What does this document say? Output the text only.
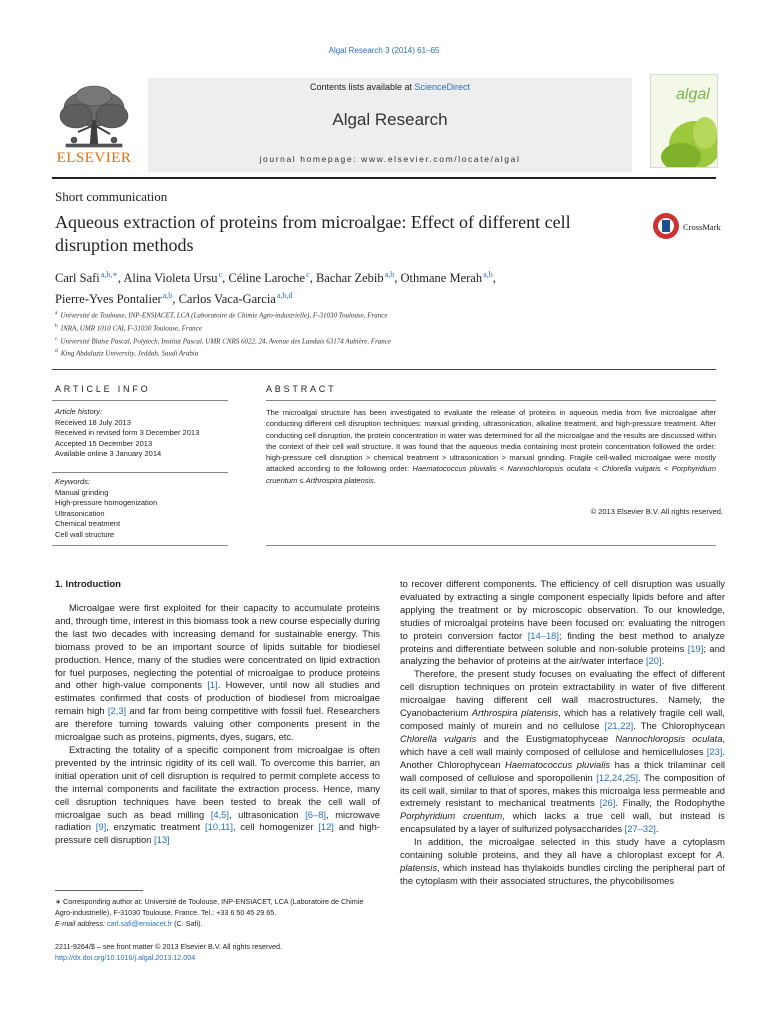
Algal Research 3 (2014) 61–65
Contents lists available at ScienceDirect
Algal Research
journal homepage: www.elsevier.com/locate/algal
ELSEVIER
algal
Short communication
Aqueous extraction of proteins from microalgae: Effect of different cell disruption methods
CrossMark
Carl Safi $^{a,b,∗}$, Alina Violeta Ursu $^c$, Céline Laroche $^c$, Bachar Zebib $^{a,b}$, Othmane Merah $^{a,b}$,
Pierre-Yves Pontalier $^{a,b}$, Carlos Vaca-Garcia $^{a,b,d}$
$^a$ Université de Toulouse, INP-ENSIACET, LCA (Laboratoire de Chimie Agro-industrielle), F-31030 Toulouse, France
$^b$ INRA, UMR 1010 CAI, F-31030 Toulouse, France
$^c$ Université Blaise Pascal, Polytech, Institut Pascal, UMR CNRS 6022, 24, Avenue des Landais 63174 Aubière, France
$^d$ King Abdulaziz University, Jeddah, Saudi Arabia
ARTICLE INFO
Article history:
Received 18 July 2013
Received in revised form 3 December 2013
Accepted 15 December 2013
Available online 3 January 2014
Keywords:
Manual grinding
High-pressure homogenization
Ultrasonication
Chemical treatment
Cell wall structure
ABSTRACT
The microalgal structure has been investigated to evaluate the release of proteins in aqueous media from five microalgae after conducting different cell disruption techniques: manual grinding, ultrasonication, alkaline treatment, and high-pressure treatment. After conducting cell disruption, the protein concentration in water was determined for all the microalgae and the results are discussed within the context of their cell wall structure. It was found that the aqueous media containing most protein concentration followed the order: high-pressure cell disruption > chemical treatment > ultrasonication > manual grinding. Fragile cell-walled microalgae were mostly attacked according to the following order: Haematococcus pluvialis < Nannochloropsis oculata < Chlorella vulgaris < Porphyridium cruentum ≤ Arthrospira platensis.
© 2013 Elsevier B.V. All rights reserved.
1. Introduction

Microalgae were first exploited for their capacity to accumulate proteins and, through time, interest in this biomass took a new course especially during the last two decades with increasing demand for sustainable energy. This biomass proved to be an important source of lipids suitable for biodiesel production. Hence, many of the studies were concentrated on lipid extraction for fuel purposes, neglecting the potential of microalgae to produce proteins and other high-value components [1]. However, until now all studies and estimates confirmed that costs of production of biodiesel from microalgae remain high [2,3] and far from being competitive with fossil fuel. Researchers are therefore turning towards valuing other components present in the microalgae such as proteins, pigments, dyes, sugars, etc.

Extracting the totality of a specific component from microalgae is often prevented by the intrinsic rigidity of its cell wall. To overcome this barrier, an initial operation unit of cell disruption is required to permit complete access to the internal components and facilitate the extraction process. Hence, many cell disruption techniques have been tested to break the cell wall of microalgae such as bead milling [4,5], ultrasonication [6–8], microwave radiation [9], enzymatic treatment [10,11], cell homogenizer [12] and high-pressure cell disruption [13]

to recover different components. The efficiency of cell disruption was usually evaluated by extracting a single component especially lipids before and after applying the treatment or by microscopic observation. To our knowledge, studies of microalgal proteins have been focused on: evaluating the nitrogen to protein conversion factor [14–18]; finding the best method to analyze proteins and differentiate between soluble and non-soluble proteins [19]; and analyzing the behavior of proteins at the air/water interface [20].

Therefore, the present study focuses on evaluating the effect of different cell disruption techniques on protein extractability in water of five different microalgae having different cell wall macrostructures. Namely, the Cyanobacterium Arthrospira platensis, which has a relatively fragile cell wall, composed mainly of murein and no cellulose [21,22]. The Chlorophycean Chlorella vulgaris and the Eustigmatophyceae Nannochloropsis oculata, which have a cell wall mainly composed of cellulose and hemicelluloses [23]. Another Chlorophycean Haematococcus pluvialis has a thick trilaminar cell wall composed of cellulose and sporopollenin [12,24,25]. The composition of its cell wall, similar to that of spores, makes this microalga less permeable and extremely resistant to mechanical treatments [26]. Finally, the Rodophythe Porphyridium cruentum, which lacks a true cell wall, but instead is encapsulated by a layer of sulfurized polysaccharides [27–32].

In addition, the microalgae selected in this study have a cytoplasm containing soluble proteins, and they all have a chloroplast except for A. platensis, which instead has thylakoids bundles circling the peripheral part of the cytoplasm with their associated structures, the phycobilisomes

∗ Corresponding author at: Université de Toulouse, INP-ENSIACET, LCA (Laboratoire de Chimie Agro-industrielle), F-31030 Toulouse, France. Tel.: +33 6 50 45 29 65.
E-mail address: carl.safi@ensiacet.fr (C. Safi).
2211-9264/$ – see front matter © 2013 Elsevier B.V. All rights reserved.
http://dx.doi.org/10.1016/j.algal.2013.12.004
